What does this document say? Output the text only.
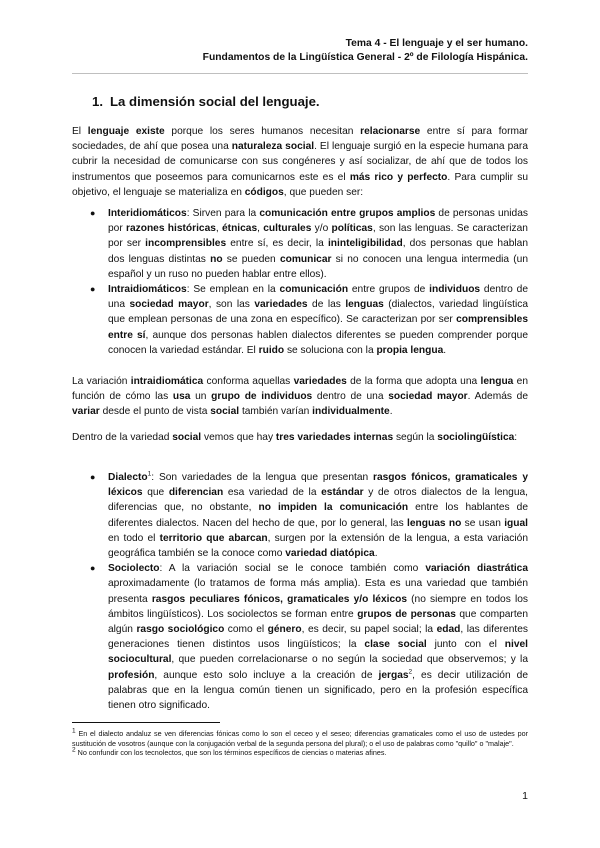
Tema 4 - El lenguaje y el ser humano.
Fundamentos de la Lingüística General - 2º de Filología Hispánica.
1. La dimensión social del lenguaje.
El lenguaje existe porque los seres humanos necesitan relacionarse entre sí para formar sociedades, de ahí que posea una naturaleza social. El lenguaje surgió en la especie humana para cubrir la necesidad de comunicarse con sus congéneres y así socializar, de ahí que de todos los instrumentos que poseemos para comunicarnos este es el más rico y perfecto. Para cumplir su objetivo, el lenguaje se materializa en códigos, que pueden ser:
● Interidiomáticos: Sirven para la comunicación entre grupos amplios de personas unidas por razones históricas, étnicas, culturales y/o políticas, son las lenguas. Se caracterizan por ser incomprensibles entre sí, es decir, la ininteligibilidad, dos personas que hablan dos lenguas distintas no se pueden comunicar si no conocen una lengua intermedia (un español y un ruso no pueden hablar entre ellos).
● Intraidiomáticos: Se emplean en la comunicación entre grupos de individuos dentro de una sociedad mayor, son las variedades de las lenguas (dialectos, variedad lingüística que emplean personas de una zona en específico). Se caracterizan por ser comprensibles entre sí, aunque dos personas hablen dialectos diferentes se pueden comprender porque conocen la variedad estándar. El ruido se soluciona con la propia lengua.
La variación intraidiomática conforma aquellas variedades de la forma que adopta una lengua en función de cómo las usa un grupo de individuos dentro de una sociedad mayor. Además de variar desde el punto de vista social también varían individualmente.
Dentro de la variedad social vemos que hay tres variedades internas según la sociolingüística:
● Dialecto$^1$: Son variedades de la lengua que presentan rasgos fónicos, gramaticales y léxicos que diferencian esa variedad de la estándar y de otros dialectos de la lengua, diferencias que, no obstante, no impiden la comunicación entre los hablantes de diferentes dialectos. Nacen del hecho de que, por lo general, las lenguas no se usan igual en todo el territorio que abarcan, surgen por la extensión de la lengua, a esta variación geográfica también se la conoce como variedad diatópica.
● Sociolecto: A la variación social se le conoce también como variación diastrática aproximadamente (lo tratamos de forma más amplia). Esta es una variedad que también presenta rasgos peculiares fónicos, gramaticales y/o léxicos (no siempre en todos los ámbitos lingüísticos). Los sociolectos se forman entre grupos de personas que comparten algún rasgo sociológico como el género, es decir, su papel social; la edad, las diferentes generaciones tienen distintos usos lingüísticos; la clase social junto con el nivel sociocultural, que pueden correlacionarse o no según la sociedad que observemos; y la profesión, aunque esto solo incluye a la creación de jergas$^2$, es decir utilización de palabras que en la lengua común tienen un significado, pero en la profesión específica tienen otro significado.
$^1$ En el dialecto andaluz se ven diferencias fónicas como lo son el ceceo y el seseo; diferencias gramaticales como el uso de ustedes por sustitución de vosotros (aunque con la conjugación verbal de la segunda persona del plural); o el uso de palabras como "quillo" o "malaje".
$^2$ No confundir con los tecnolectos, que son los términos específicos de ciencias o materias afines.
1
